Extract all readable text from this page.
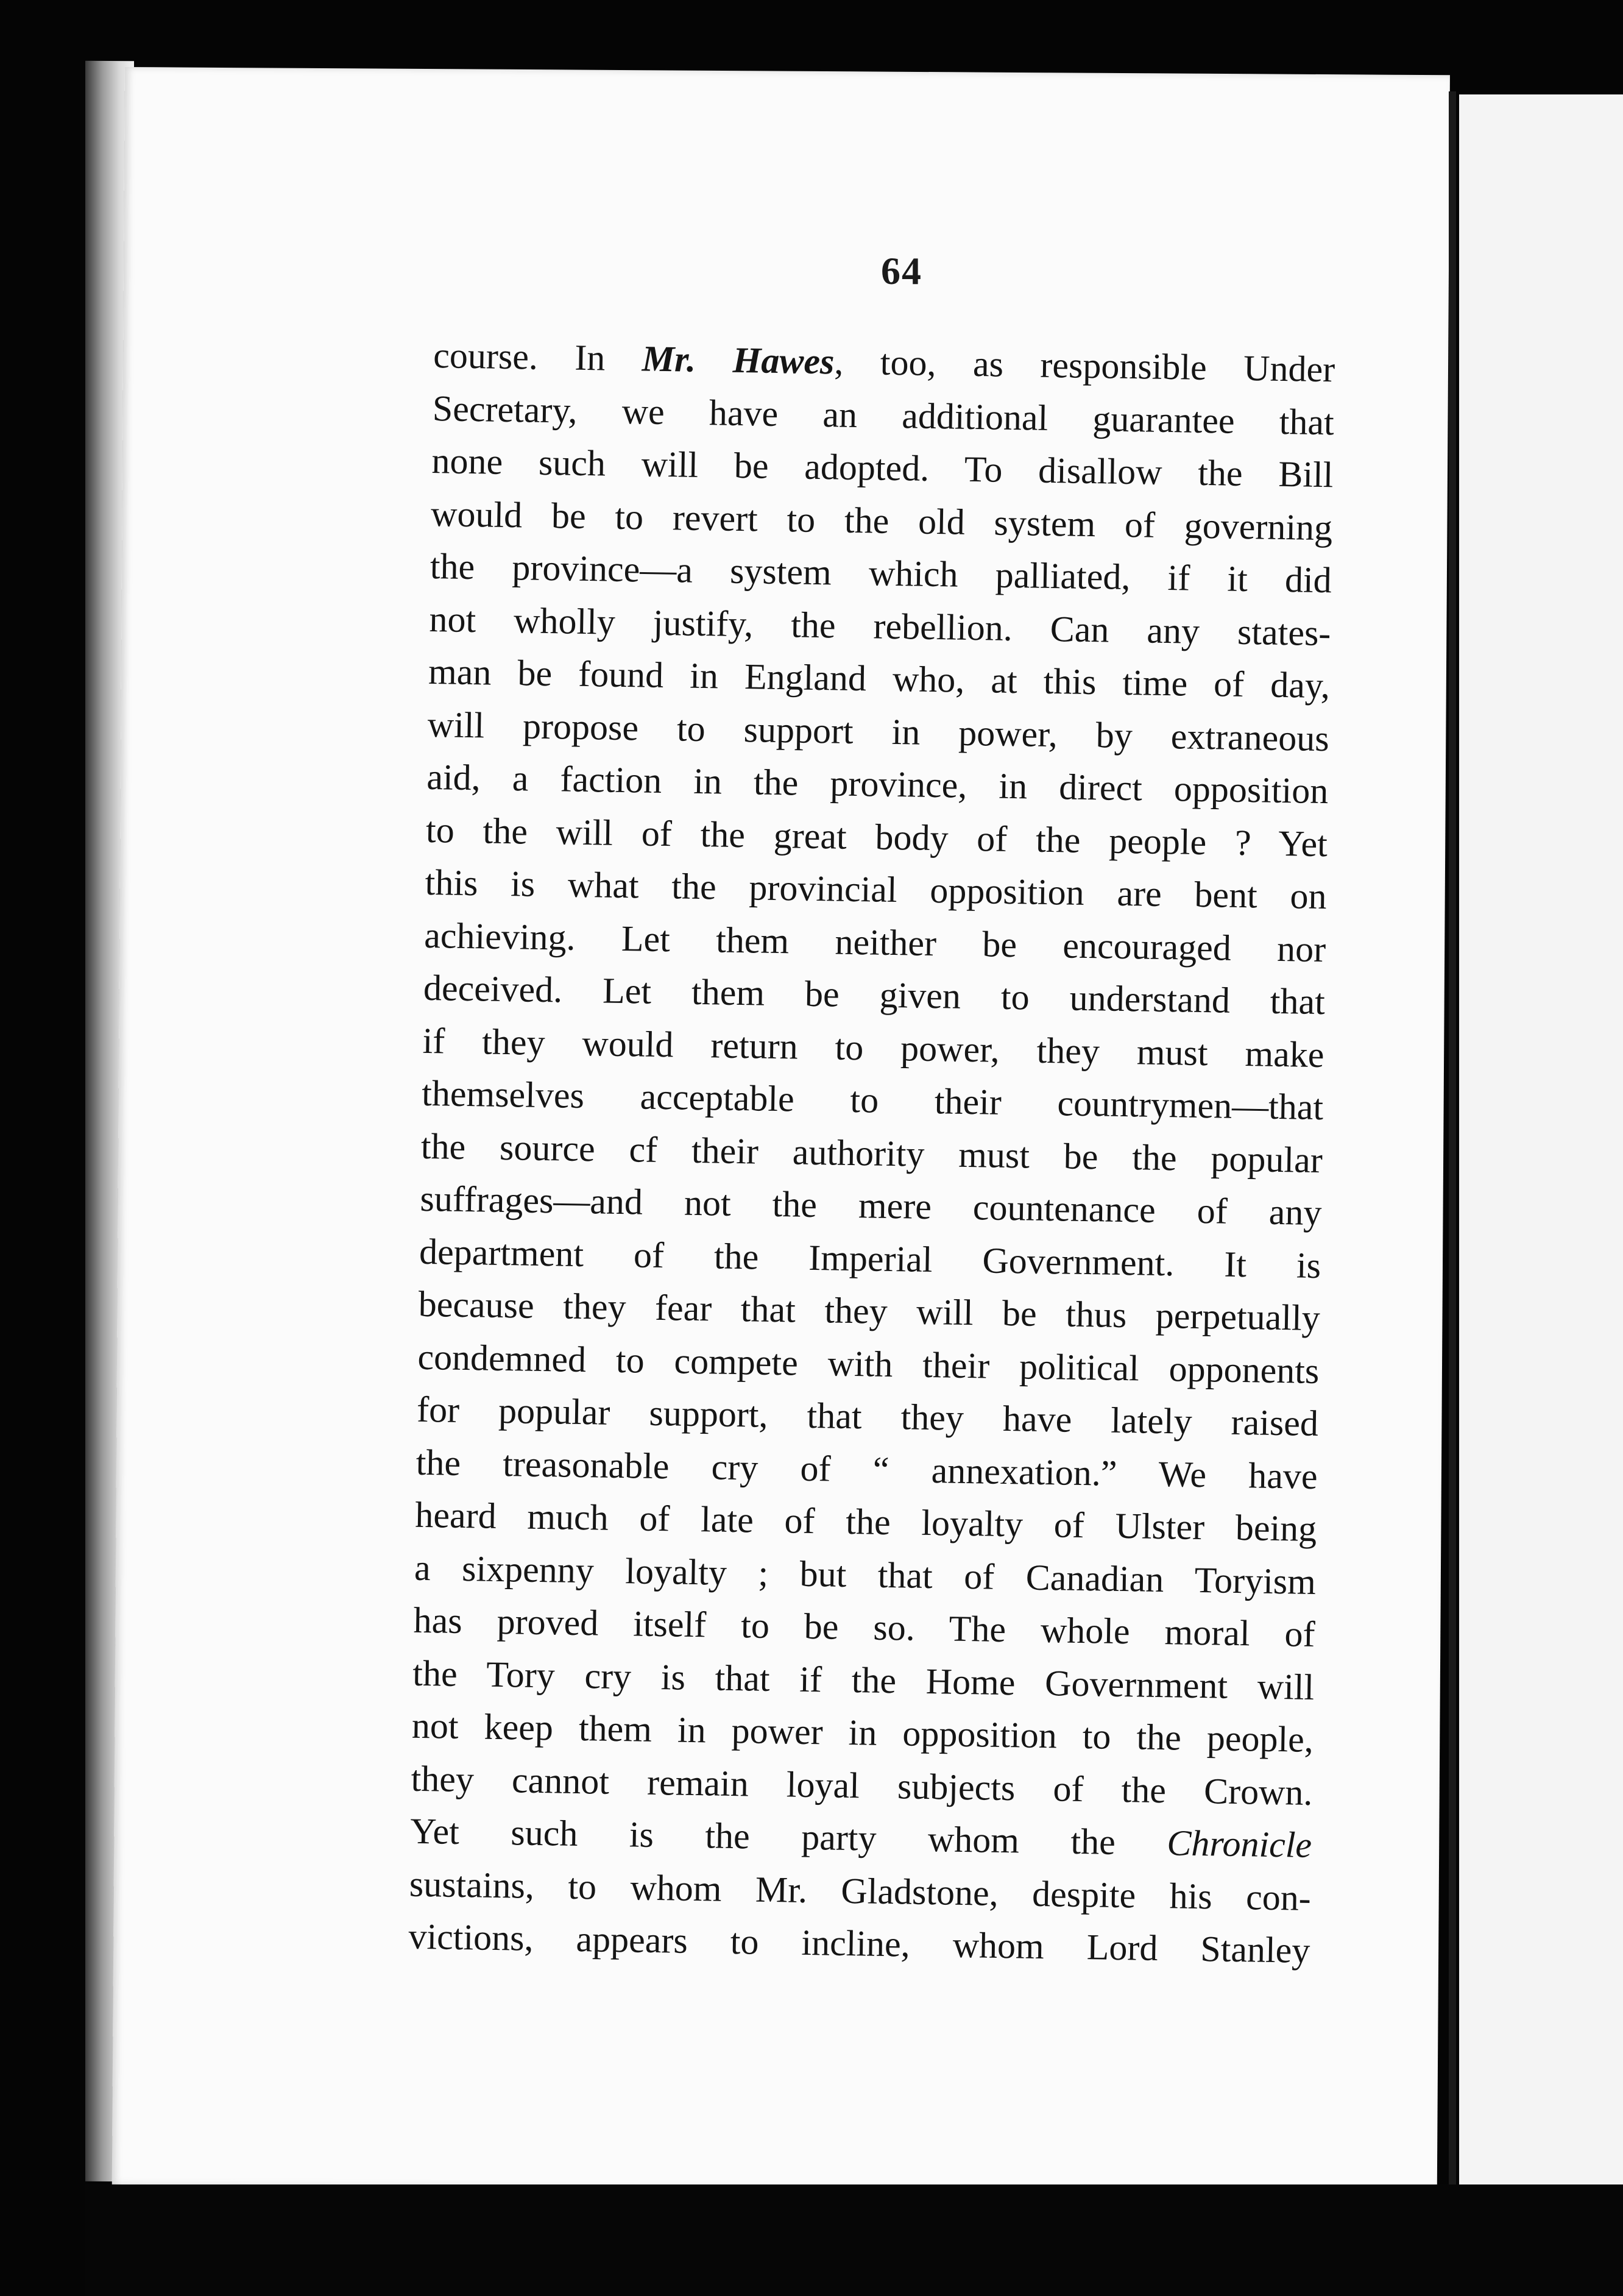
64
course. In Mr. Hawes, too, as responsible Under
Secretary, we have an additional guarantee that
none such will be adopted. To disallow the Bill
would be to revert to the old system of governing
the province—a system which palliated, if it did
not wholly justify, the rebellion. Can any states-
man be found in England who, at this time of day,
will propose to support in power, by extraneous
aid, a faction in the province, in direct opposition
to the will of the great body of the people ? Yet
this is what the provincial opposition are bent on
achieving. Let them neither be encouraged nor
deceived. Let them be given to understand that
if they would return to power, they must make
themselves acceptable to their countrymen—that
the source cf their authority must be the popular
suffrages—and not the mere countenance of any
department of the Imperial Government. It is
because they fear that they will be thus perpetually
condemned to compete with their political opponents
for popular support, that they have lately raised
the treasonable cry of “ annexation.” We have
heard much of late of the loyalty of Ulster being
a sixpenny loyalty ; but that of Canadian Toryism
has proved itself to be so. The whole moral of
the Tory cry is that if the Home Government will
not keep them in power in opposition to the people,
they cannot remain loyal subjects of the Crown.
Yet such is the party whom the Chronicle
sustains, to whom Mr. Gladstone, despite his con-
victions, appears to incline, whom Lord Stanley
